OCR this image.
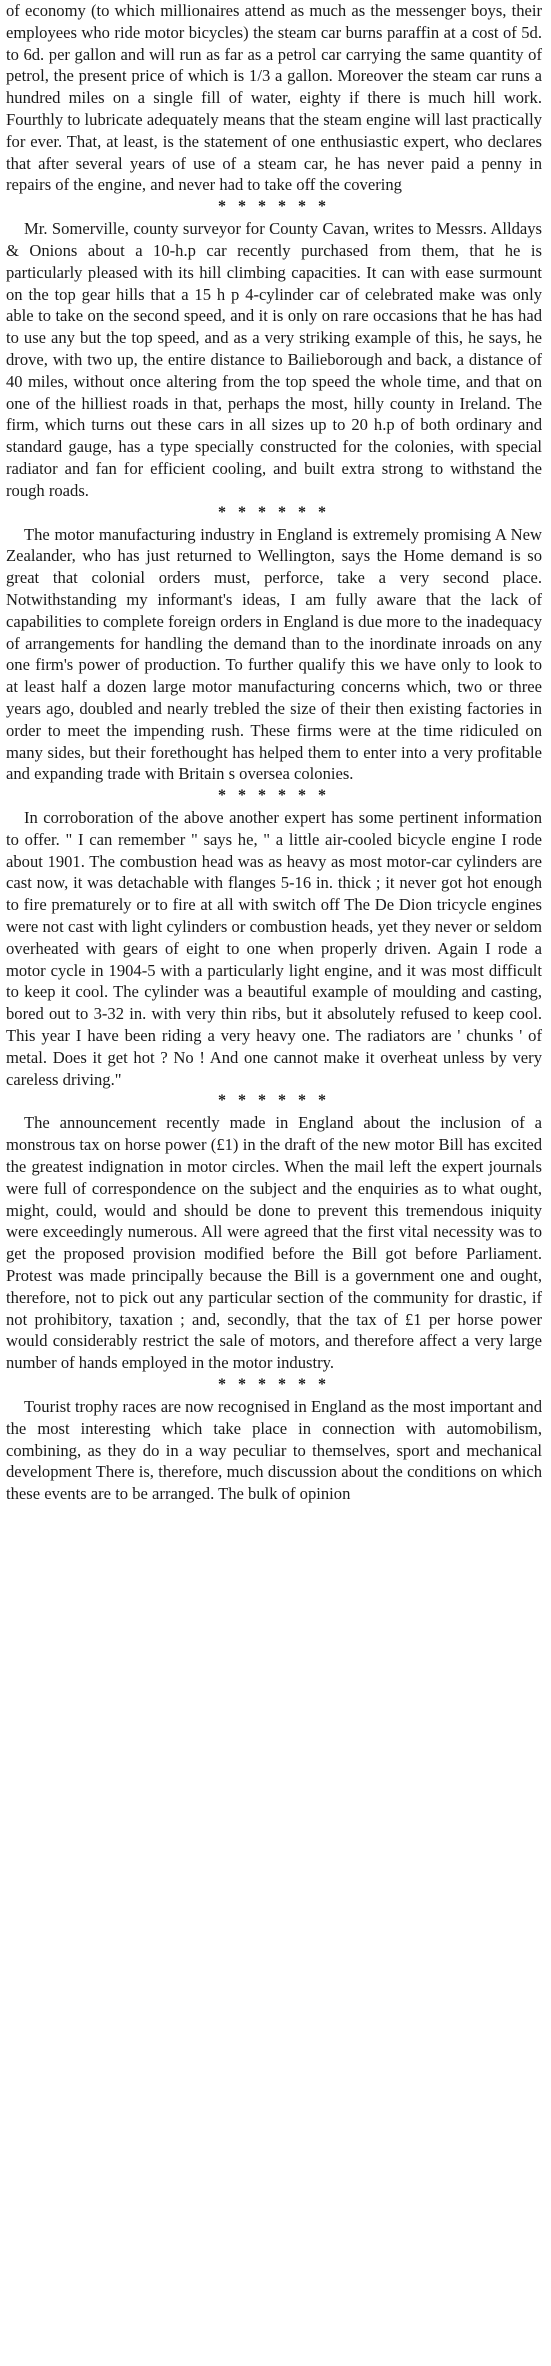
of economy (to which millionaires attend as much as the messenger boys, their employees who ride motor bicycles) the steam car burns paraffin at a cost of 5d. to 6d. per gallon and will run as far as a petrol car carrying the same quantity of petrol, the present price of which is 1/3 a gallon. Moreover the steam car runs a hundred miles on a single fill of water, eighty if there is much hill work. Fourthly to lubricate adequately means that the steam engine will last practically for ever. That, at least, is the statement of one enthusiastic expert, who declares that after several years of use of a steam car, he has never paid a penny in repairs of the engine, and never had to take off the covering

* * * * * *

Mr. Somerville, county surveyor for County Cavan, writes to Messrs. Alldays & Onions about a 10-h.p car recently purchased from them, that he is particularly pleased with its hill climbing capacities. It can with ease surmount on the top gear hills that a 15 h p 4-cylinder car of celebrated make was only able to take on the second speed, and it is only on rare occasions that he has had to use any but the top speed, and as a very striking example of this, he says, he drove, with two up, the entire distance to Bailieborough and back, a distance of 40 miles, without once altering from the top speed the whole time, and that on one of the hilliest roads in that, perhaps the most, hilly county in Ireland. The firm, which turns out these cars in all sizes up to 20 h.p of both ordinary and standard gauge, has a type specially constructed for the colonies, with special radiator and fan for efficient cooling, and built extra strong to withstand the rough roads.

* * * * * *

The motor manufacturing industry in England is extremely promising A New Zealander, who has just returned to Wellington, says the Home demand is so great that colonial orders must, perforce, take a very second place. Notwithstanding my informant's ideas, I am fully aware that the lack of capabilities to complete foreign orders in England is due more to the inadequacy of arrangements for handling the demand than to the inordinate inroads on any one firm's power of production. To further qualify this we have only to look to at least half a dozen large motor manufacturing concerns which, two or three years ago, doubled and nearly trebled the size of their then existing factories in order to meet the impending rush. These firms were at the time ridiculed on many sides, but their forethought has helped them to enter into a very profitable and expanding trade with Britain s oversea colonies.

* * * * * *

In corroboration of the above another expert has some pertinent information to offer. " I can remember " says he, " a little air-cooled bicycle engine I rode about 1901. The combustion head was as heavy as most motor-car cylinders are cast now, it was detachable with flanges 5-16 in. thick ; it never got hot enough to fire prematurely or to fire at all with switch off The De Dion tricycle engines were not cast with light cylinders or combustion heads, yet they never or seldom overheated with gears of eight to one when properly driven. Again I rode a motor cycle in 1904-5 with a particularly light engine, and it was most difficult to keep it cool. The cylinder was a beautiful example of moulding and casting, bored out to 3-32 in. with very thin ribs, but it absolutely refused to keep cool. This year I have been riding a very heavy one. The radiators are ' chunks ' of metal. Does it get hot ? No ! And one cannot make it overheat unless by very careless driving."

* * * * * *

The announcement recently made in England about the inclusion of a monstrous tax on horse power (£1) in the draft of the new motor Bill has excited the greatest indignation in motor circles. When the mail left the expert journals were full of correspondence on the subject and the enquiries as to what ought, might, could, would and should be done to prevent this tremendous iniquity were exceedingly numerous. All were agreed that the first vital necessity was to get the proposed provision modified before the Bill got before Parliament. Protest was made principally because the Bill is a government one and ought, therefore, not to pick out any particular section of the community for drastic, if not prohibitory, taxation ; and, secondly, that the tax of £1 per horse power would considerably restrict the sale of motors, and therefore affect a very large number of hands employed in the motor industry.

* * * * * *

Tourist trophy races are now recognised in England as the most important and the most interesting which take place in connection with automobilism, combining, as they do in a way peculiar to themselves, sport and mechanical development There is, therefore, much discussion about the conditions on which these events are to be arranged. The bulk of opinion
